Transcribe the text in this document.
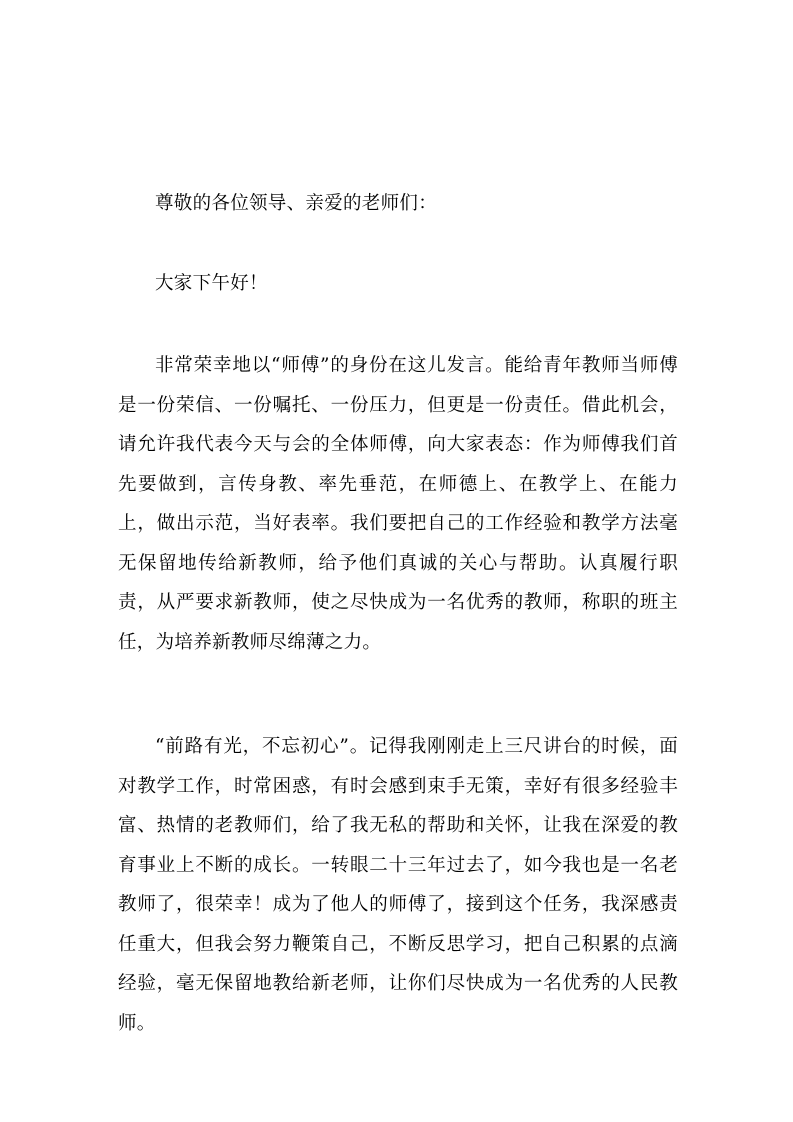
尊敬的各位领导、亲爱的老师们：

大家下午好！

非常荣幸地以“师傅”的身份在这儿发言。能给青年教师当师傅是一份荣信、一份嘱托、一份压力，但更是一份责任。借此机会，请允许我代表今天与会的全体师傅，向大家表态：作为师傅我们首先要做到，言传身教、率先垂范，在师德上、在教学上、在能力上，做出示范，当好表率。我们要把自己的工作经验和教学方法毫无保留地传给新教师，给予他们真诚的关心与帮助。认真履行职责，从严要求新教师，使之尽快成为一名优秀的教师，称职的班主任，为培养新教师尽绵薄之力。

“前路有光，不忘初心”。记得我刚刚走上三尺讲台的时候，面对教学工作，时常困惑，有时会感到束手无策，幸好有很多经验丰富、热情的老教师们，给了我无私的帮助和关怀，让我在深爱的教育事业上不断的成长。一转眼二十三年过去了，如今我也是一名老教师了，很荣幸！成为了他人的师傅了，接到这个任务，我深感责任重大，但我会努力鞭策自己，不断反思学习，把自己积累的点滴经验，毫无保留地教给新老师，让你们尽快成为一名优秀的人民教师。
